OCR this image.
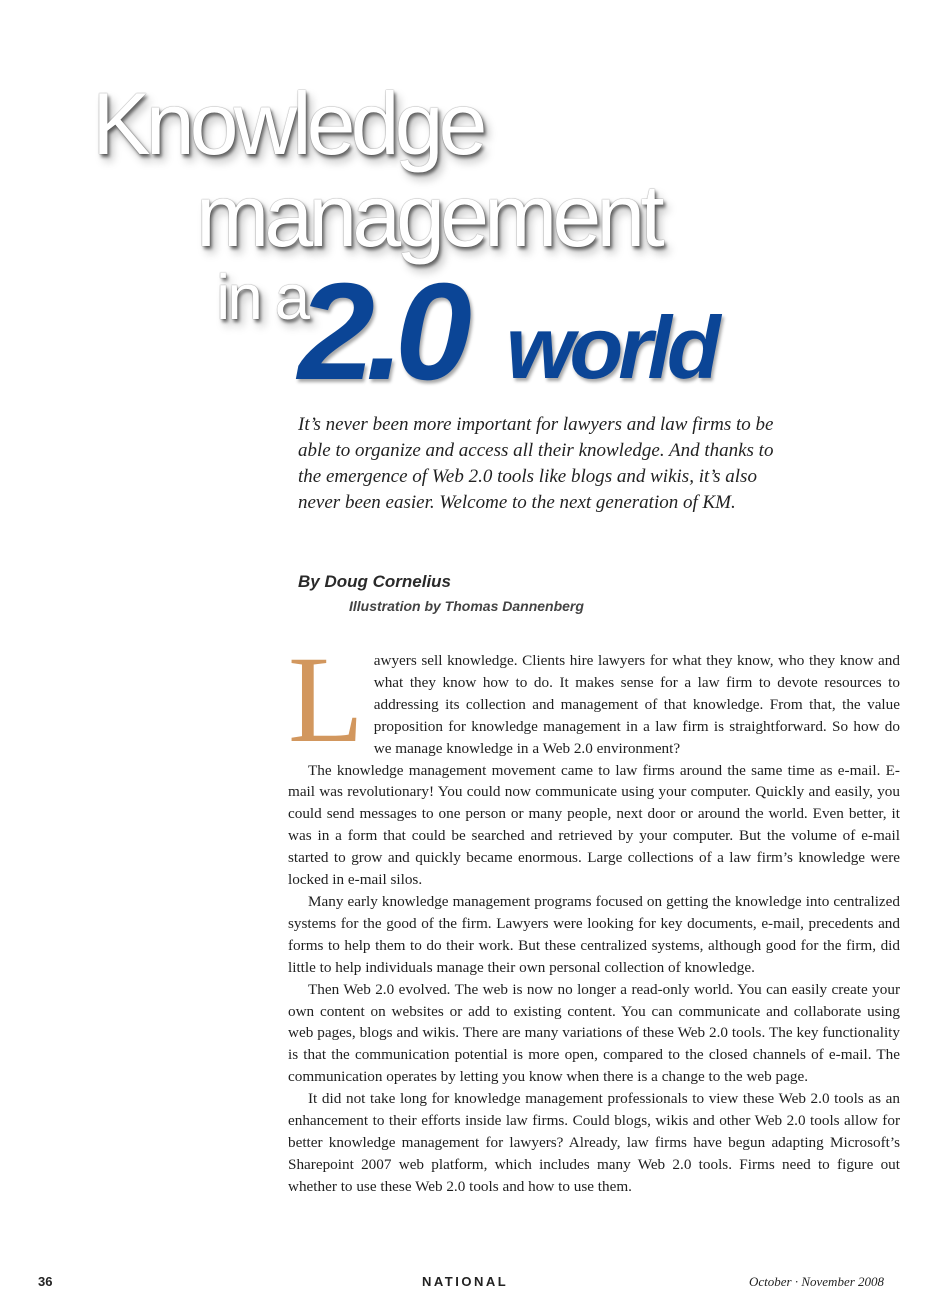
Knowledge
management
in a
2.0 world

It’s never been more important for lawyers and law firms to be able to organize and access all their knowledge. And thanks to the emergence of Web 2.0 tools like blogs and wikis, it’s also never been easier. Welcome to the next generation of KM.

By Doug Cornelius

Illustration by Thomas Dannenberg

Lawyers sell knowledge. Clients hire lawyers for what they know, who they know and what they know how to do. It makes sense for a law firm to devote resources to addressing its collection and management of that knowledge. From that, the value proposition for knowledge management in a law firm is straightforward. So how do we manage knowledge in a Web 2.0 environment?

The knowledge management movement came to law firms around the same time as e-mail. E-mail was revolutionary! You could now communicate using your computer. Quickly and easily, you could send messages to one person or many people, next door or around the world. Even better, it was in a form that could be searched and retrieved by your computer. But the volume of e-mail started to grow and quickly became enormous. Large collections of a law firm’s knowledge were locked in e-mail silos.

Many early knowledge management programs focused on getting the knowledge into centralized systems for the good of the firm. Lawyers were looking for key documents, e-mail, precedents and forms to help them to do their work. But these centralized systems, although good for the firm, did little to help individuals manage their own personal collection of knowledge.

Then Web 2.0 evolved. The web is now no longer a read-only world. You can easily create your own content on websites or add to existing content. You can communicate and collaborate using web pages, blogs and wikis. There are many variations of these Web 2.0 tools. The key functionality is that the communication potential is more open, compared to the closed channels of e-mail. The communication operates by letting you know when there is a change to the web page.

It did not take long for knowledge management professionals to view these Web 2.0 tools as an enhancement to their efforts inside law firms. Could blogs, wikis and other Web 2.0 tools allow for better knowledge management for lawyers? Already, law firms have begun adapting Microsoft’s Sharepoint 2007 web platform, which includes many Web 2.0 tools. Firms need to figure out whether to use these Web 2.0 tools and how to use them.

36	NATIONAL	October · November 2008
